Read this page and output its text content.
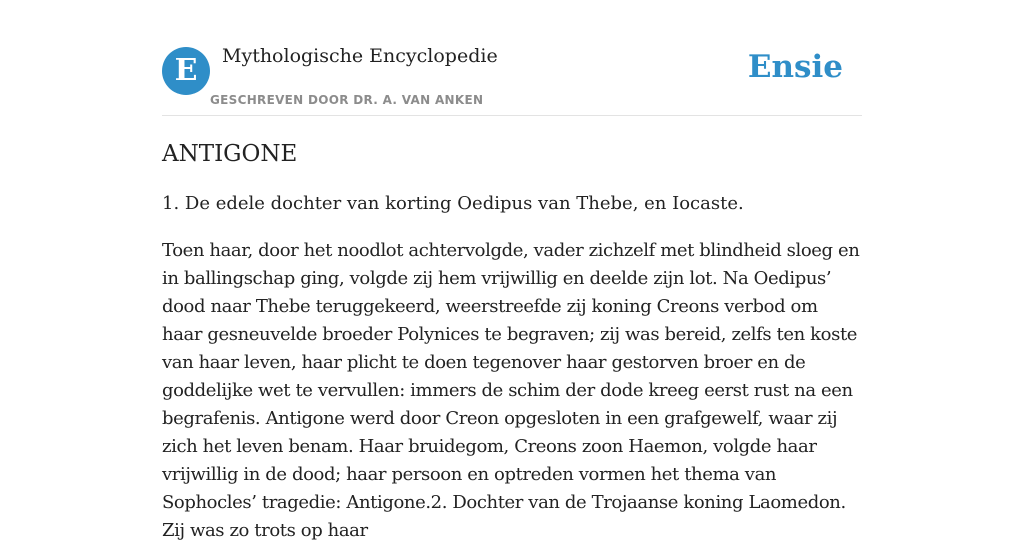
E	Mythologische Encyclopedie
GESCHREVEN DOOR DR. A. VAN ANKEN
Ensie
ANTIGONE

1. De edele dochter van korting Oedipus van Thebe, en Iocaste.

Toen haar, door het noodlot achtervolgde, vader zichzelf met blindheid sloeg en in ballingschap ging, volgde zij hem vrijwillig en deelde zijn lot. Na Oedipus’ dood naar Thebe teruggekeerd, weerstreefde zij koning Creons verbod om haar gesneuvelde broeder Polynices te begraven; zij was bereid, zelfs ten koste van haar leven, haar plicht te doen tegenover haar gestorven broer en de goddelijke wet te vervullen: immers de schim der dode kreeg eerst rust na een begrafenis. Antigone werd door Creon opgesloten in een grafgewelf, waar zij zich het leven benam. Haar bruidegom, Creons zoon Haemon, volgde haar vrijwillig in de dood; haar persoon en optreden vormen het thema van Sophocles’ tragedie: Antigone.2. Dochter van de Trojaanse koning Laomedon. Zij was zo trots op haar
